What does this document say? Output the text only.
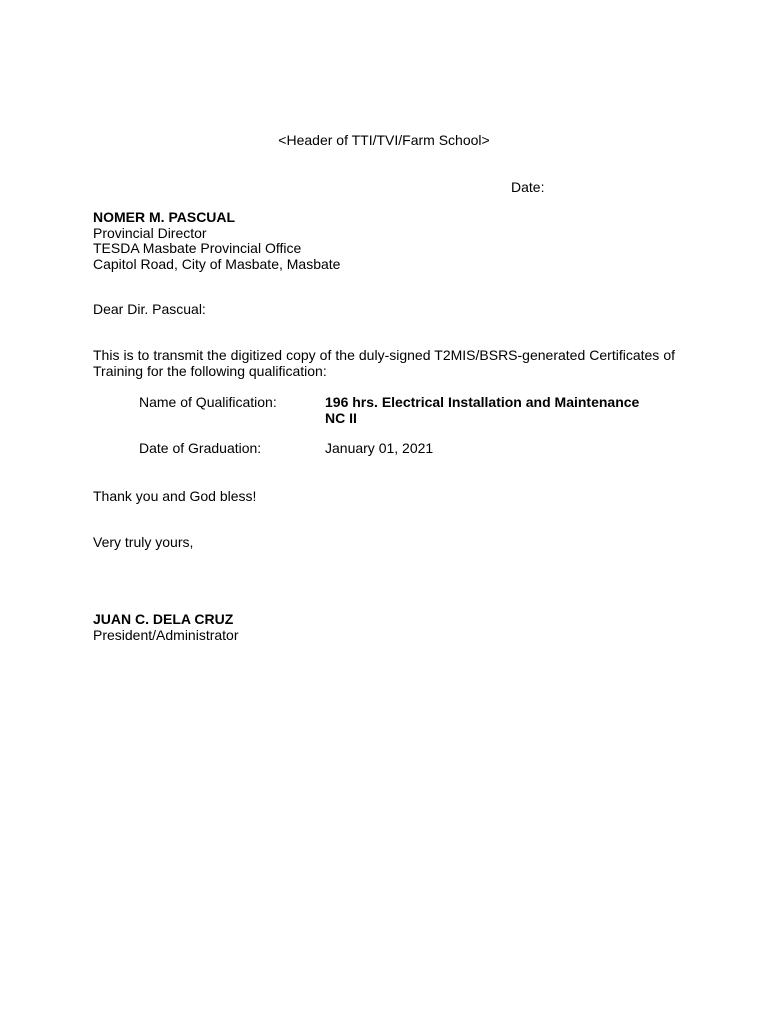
<Header of TTI/TVI/Farm School>
Date:
NOMER M. PASCUAL
Provincial Director
TESDA Masbate Provincial Office
Capitol Road, City of Masbate, Masbate
Dear Dir. Pascual:
This is to transmit the digitized copy of the duly-signed T2MIS/BSRS-generated Certificates of Training for the following qualification:
Name of Qualification:	196 hrs. Electrical Installation and Maintenance
NC II
Date of Graduation:	January 01, 2021
Thank you and God bless!
Very truly yours,
JUAN C. DELA CRUZ
President/Administrator
